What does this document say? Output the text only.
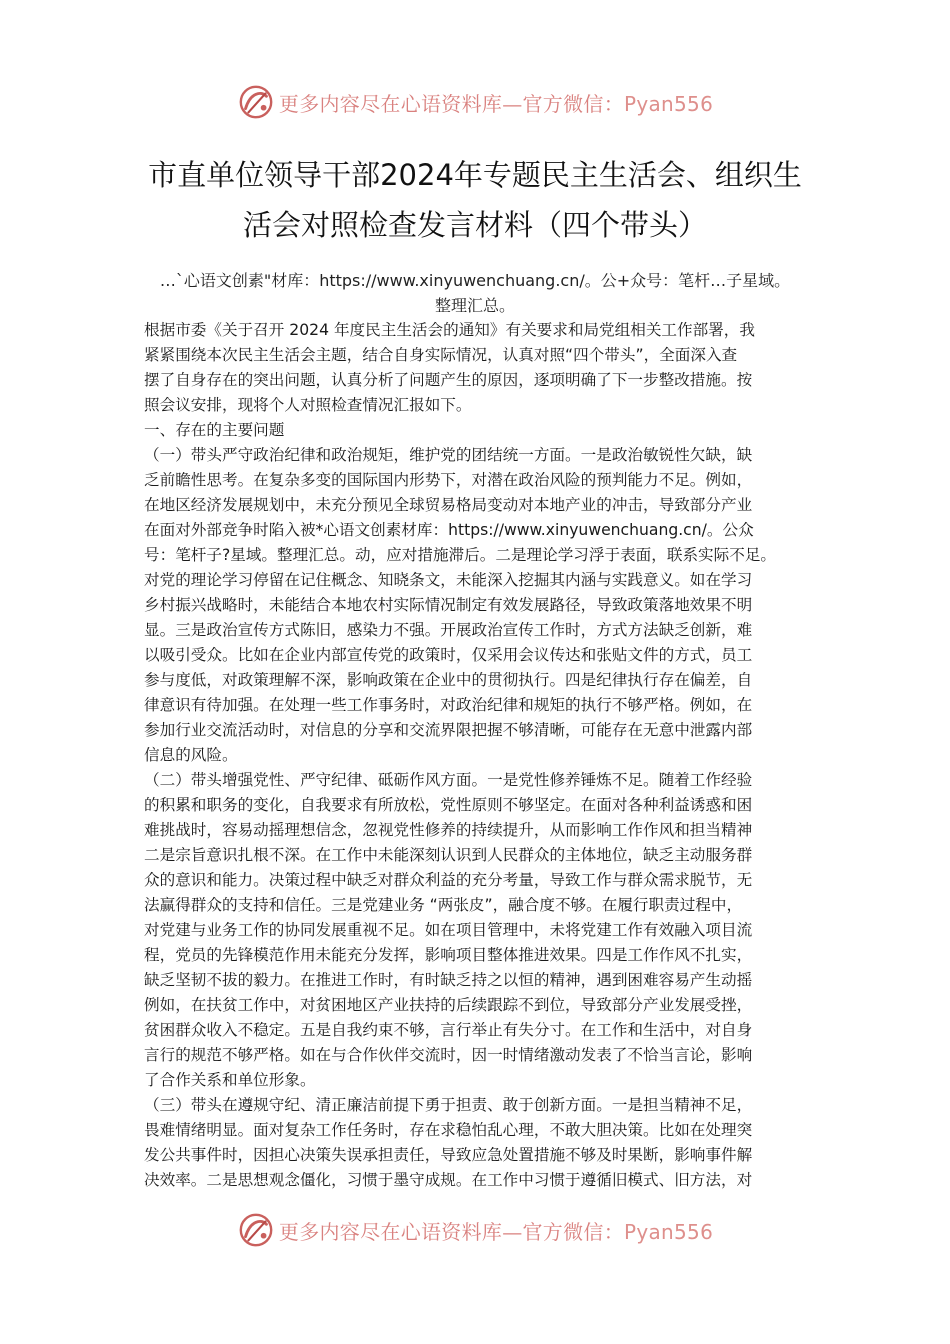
更多内容尽在心语资料库—官方微信：Pyan556
市直单位领导干部2024年专题民主生活会、组织生
活会对照检查发言材料（四个带头）
…`心语文创素"材库：https://www.xinyuwenchuang.cn/。公+众号：笔杆…子星域。
整理汇总。
根据市委《关于召开 2024 年度民主生活会的通知》有关要求和局党组相关工作部署，我
紧紧围绕本次民主生活会主题，结合自身实际情况，认真对照“四个带头”，全面深入查
摆了自身存在的突出问题，认真分析了问题产生的原因，逐项明确了下一步整改措施。按
照会议安排，现将个人对照检查情况汇报如下。
一、存在的主要问题
（一）带头严守政治纪律和政治规矩，维护党的团结统一方面。一是政治敏锐性欠缺，缺
乏前瞻性思考。在复杂多变的国际国内形势下，对潜在政治风险的预判能力不足。例如，
在地区经济发展规划中，未充分预见全球贸易格局变动对本地产业的冲击，导致部分产业
在面对外部竞争时陷入被*心语文创素材库：https://www.xinyuwenchuang.cn/。公众
号：笔杆子?星域。整理汇总。动，应对措施滞后。二是理论学习浮于表面，联系实际不足。
对党的理论学习停留在记住概念、知晓条文，未能深入挖掘其内涵与实践意义。如在学习
乡村振兴战略时，未能结合本地农村实际情况制定有效发展路径，导致政策落地效果不明
显。三是政治宣传方式陈旧，感染力不强。开展政治宣传工作时，方式方法缺乏创新，难
以吸引受众。比如在企业内部宣传党的政策时，仅采用会议传达和张贴文件的方式，员工
参与度低，对政策理解不深，影响政策在企业中的贯彻执行。四是纪律执行存在偏差，自
律意识有待加强。在处理一些工作事务时，对政治纪律和规矩的执行不够严格。例如，在
参加行业交流活动时，对信息的分享和交流界限把握不够清晰，可能存在无意中泄露内部
信息的风险。
（二）带头增强党性、严守纪律、砥砺作风方面。一是党性修养锤炼不足。随着工作经验
的积累和职务的变化，自我要求有所放松，党性原则不够坚定。在面对各种利益诱惑和困
难挑战时，容易动摇理想信念，忽视党性修养的持续提升，从而影响工作作风和担当精神
二是宗旨意识扎根不深。在工作中未能深刻认识到人民群众的主体地位，缺乏主动服务群
众的意识和能力。决策过程中缺乏对群众利益的充分考量，导致工作与群众需求脱节，无
法赢得群众的支持和信任。三是党建业务 “两张皮”，融合度不够。在履行职责过程中，
对党建与业务工作的协同发展重视不足。如在项目管理中，未将党建工作有效融入项目流
程，党员的先锋模范作用未能充分发挥，影响项目整体推进效果。四是工作作风不扎实，
缺乏坚韧不拔的毅力。在推进工作时，有时缺乏持之以恒的精神，遇到困难容易产生动摇
例如，在扶贫工作中，对贫困地区产业扶持的后续跟踪不到位，导致部分产业发展受挫，
贫困群众收入不稳定。五是自我约束不够，言行举止有失分寸。在工作和生活中，对自身
言行的规范不够严格。如在与合作伙伴交流时，因一时情绪激动发表了不恰当言论，影响
了合作关系和单位形象。
（三）带头在遵规守纪、清正廉洁前提下勇于担责、敢于创新方面。一是担当精神不足，
畏难情绪明显。面对复杂工作任务时，存在求稳怕乱心理，不敢大胆决策。比如在处理突
发公共事件时，因担心决策失误承担责任，导致应急处置措施不够及时果断，影响事件解
决效率。二是思想观念僵化，习惯于墨守成规。在工作中习惯于遵循旧模式、旧方法，对
更多内容尽在心语资料库—官方微信：Pyan556
